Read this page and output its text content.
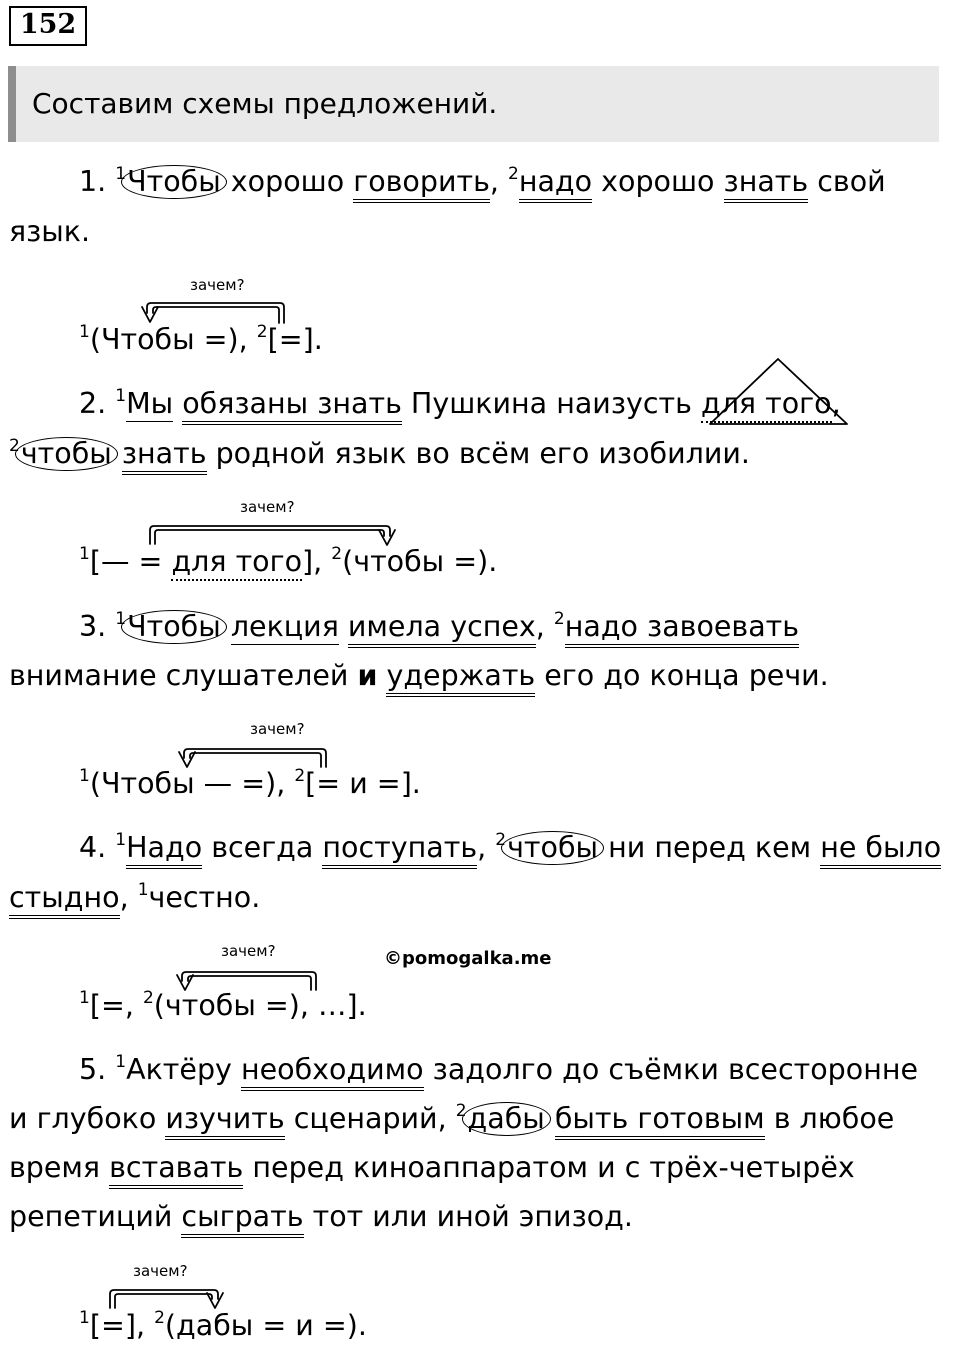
152
Составим схемы предложений.
1. $^1$Чтобы хорошо говорить, $^2$надо хорошо знать свой
язык.
зачем?
$^1$(Чтобы =), $^2$[=].
2. $^1$Мы обязаны знать Пушкина наизусть для того,
$^2$чтобы знать родной язык во всём его изобилии.
зачем?
$^1$[— = для того], $^2$(чтобы =).
3. $^1$Чтобы лекция имела успех, $^2$надо завоевать
внимание слушателей и удержать его до конца речи.
зачем?
$^1$(Чтобы — =), $^2$[= и =].
4. $^1$Надо всегда поступать, $^2$чтобы ни перед кем не было
стыдно, $^1$честно.
зачем?	©pomogalka.me
$^1$[=, $^2$(чтобы =), …].
5. $^1$Актёру необходимо задолго до съёмки всесторонне
и глубоко изучить сценарий, $^2$дабы быть готовым в любое
время вставать перед киноаппаратом и с трёх-четырёх
репетиций сыграть тот или иной эпизод.
зачем?
$^1$[=], $^2$(дабы = и =).
